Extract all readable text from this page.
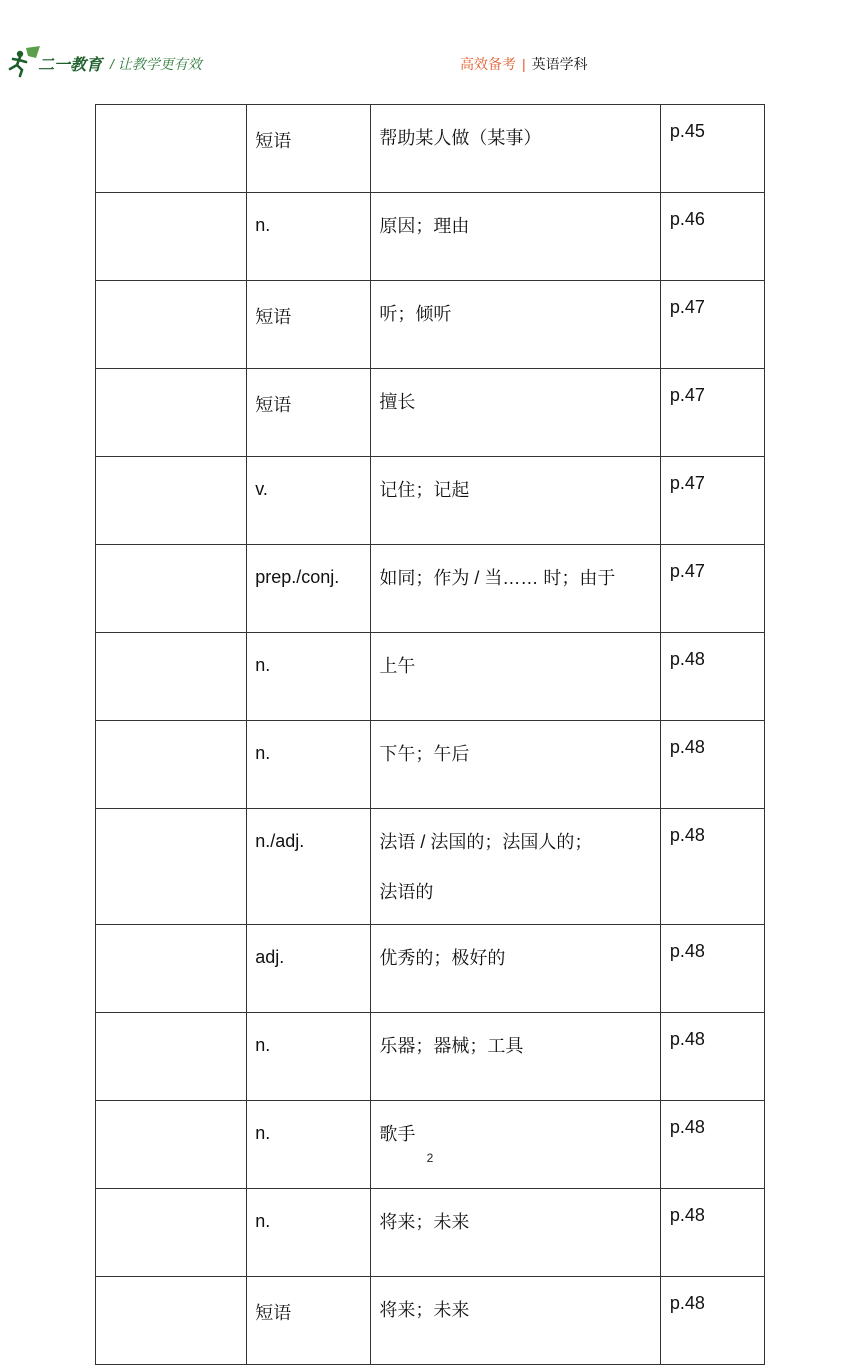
二一教育 / 让教学更有效	高效备考 | 英语学科
	短语	帮助某人做（某事）	p.45
	n.	原因；理由	p.46
	短语	听；倾听	p.47
	短语	擅长	p.47
	v.	记住；记起	p.47
	prep./conj.	如同；作为 / 当…… 时；由于	p.47
	n.	上午	p.48
	n.	下午；午后	p.48
	n./adj.	法语 / 法国的；法国人的；
法语的	p.48
	adj.	优秀的；极好的	p.48
	n.	乐器；器械；工具	p.48
	n.	歌手	p.48
	n.	将来；未来	p.48
	短语	将来；未来	p.48
2
